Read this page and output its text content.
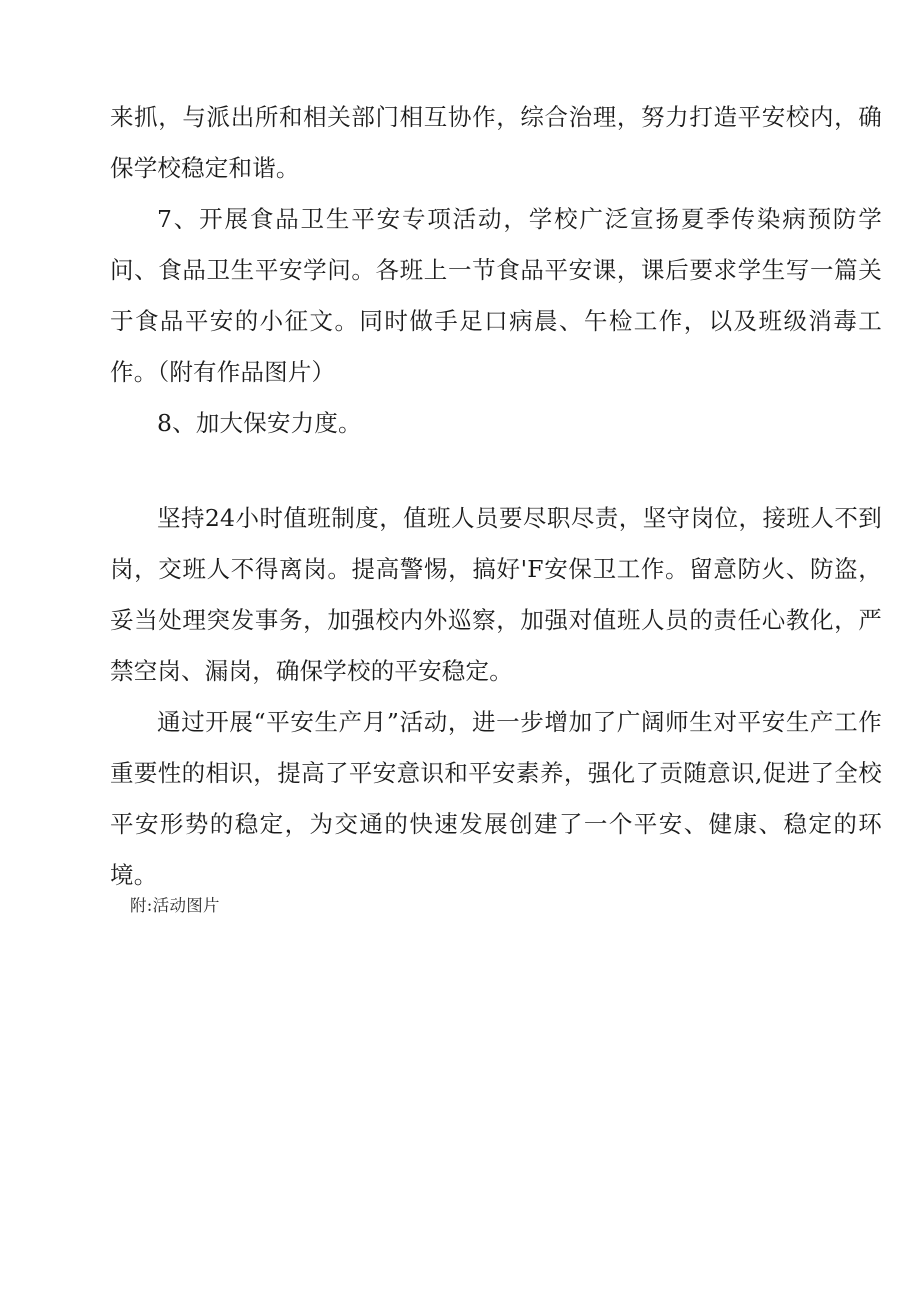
来抓，与派出所和相关部门相互协作，综合治理，努力打造平安校内，确保学校稳定和谐。

7、开展食品卫生平安专项活动，学校广泛宣扬夏季传染病预防学问、食品卫生平安学问。各班上一节食品平安课，课后要求学生写一篇关于食品平安的小征文。同时做手足口病晨、午检工作，以及班级消毒工作。（附有作品图片）

8、加大保安力度。

坚持24小时值班制度，值班人员要尽职尽责，坚守岗位，接班人不到岗，交班人不得离岗。提高警惕，搞好'F安保卫工作。留意防火、防盗，妥当处理突发事务，加强校内外巡察，加强对值班人员的责任心教化，严禁空岗、漏岗，确保学校的平安稳定。

通过开展“平安生产月”活动，进一步增加了广阔师生对平安生产工作重要性的相识，提高了平安意识和平安素养，强化了贡随意识,促进了全校平安形势的稳定，为交通的快速发展创建了一个平安、健康、稳定的环境。

附:活动图片
